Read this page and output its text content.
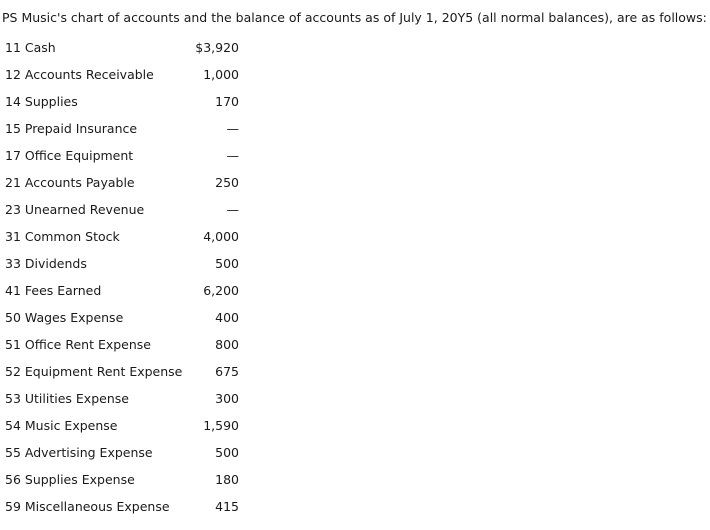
PS Music's chart of accounts and the balance of accounts as of July 1, 20Y5 (all normal balances), are as follows:
11 Cash	$3,920
12 Accounts Receivable	1,000
14 Supplies	170
15 Prepaid Insurance	—
17 Office Equipment	—
21 Accounts Payable	250
23 Unearned Revenue	—
31 Common Stock	4,000
33 Dividends	500
41 Fees Earned	6,200
50 Wages Expense	400
51 Office Rent Expense	800
52 Equipment Rent Expense	675
53 Utilities Expense	300
54 Music Expense	1,590
55 Advertising Expense	500
56 Supplies Expense	180
59 Miscellaneous Expense	415
